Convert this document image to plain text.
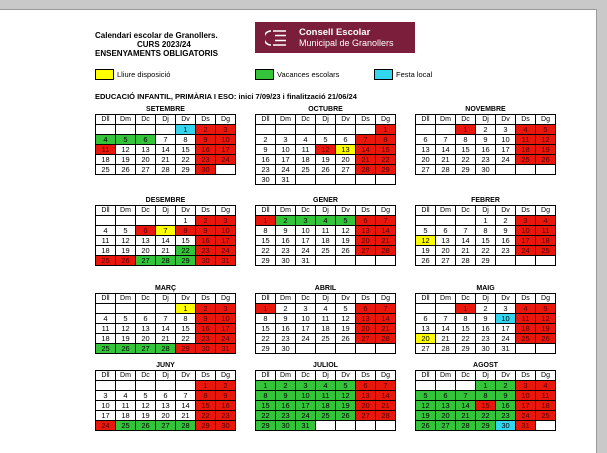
Calendari escolar de Granollers.
CURS 2023/24
ENSENYAMENTS OBLIGATORIS
Consell Escolar
Municipal de Granollers
Lliure disposició	Vacances escolars	Festa local
EDUCACIÓ INFANTIL, PRIMÀRIA I ESO: inici 7/09/23 i finalització 21/06/24
SETEMBRE
Dll	Dm	Dc	Dj	Dv	Ds	Dg
				1	2	3
4	5	6	7	8	9	10
11	12	13	14	15	16	17
18	19	20	21	22	23	24
25	26	27	28	29	30	
OCTUBRE
Dll	Dm	Dc	Dj	Dv	Ds	Dg
						1
2	3	4	5	6	7	8
9	10	11	12	13	14	15
16	17	18	19	20	21	22
23	24	25	26	27	28	29
30	31					
NOVEMBRE
Dll	Dm	Dc	Dj	Dv	Ds	Dg
		1	2	3	4	5
6	7	8	9	10	11	12
13	14	15	16	17	18	19
20	21	22	23	24	25	26
27	28	29	30			
DESEMBRE
Dll	Dm	Dc	Dj	Dv	Ds	Dg
				1	2	3
4	5	6	7	8	9	10
11	12	13	14	15	16	17
18	19	20	21	22	23	24
25	26	27	28	29	30	31
GENER
Dll	Dm	Dc	Dj	Dv	Ds	Dg
1	2	3	4	5	6	7
8	9	10	11	12	13	14
15	16	17	18	19	20	21
22	23	24	25	26	27	28
29	30	31				
FEBRER
Dll	Dm	Dc	Dj	Dv	Ds	Dg
			1	2	3	4
5	6	7	8	9	10	11
12	13	14	15	16	17	18
19	20	21	22	23	24	25
26	27	28	29			
MARÇ
Dll	Dm	Dc	Dj	Dv	Ds	Dg
				1	2	3
4	5	6	7	8	9	10
11	12	13	14	15	16	17
18	19	20	21	22	23	24
25	26	27	28	29	30	31
ABRIL
Dll	Dm	Dc	Dj	Dv	Ds	Dg
1	2	3	4	5	6	7
8	9	10	11	12	13	14
15	16	17	18	19	20	21
22	23	24	25	26	27	28
29	30					
MAIG
Dll	Dm	Dc	Dj	Dv	Ds	Dg
		1	2	3	4	5
6	7	8	9	10	11	12
13	14	15	16	17	18	19
20	21	22	23	24	25	26
27	28	29	30	31		
JUNY
Dll	Dm	Dc	Dj	Dv	Ds	Dg
					1	2
3	4	5	6	7	8	9
10	11	12	13	14	15	16
17	18	19	20	21	22	23
24	25	26	27	28	29	30
JULIOL
Dll	Dm	Dc	Dj	Dv	Ds	Dg
1	2	3	4	5	6	7
8	9	10	11	12	13	14
15	16	17	18	19	20	21
22	23	24	25	26	27	28
29	30	31				
AGOST
Dll	Dm	Dc	Dj	Dv	Ds	Dg
			1	2	3	4
5	6	7	8	9	10	11
12	13	14	15	16	17	18
19	20	21	22	23	24	25
26	27	28	29	30	31	
